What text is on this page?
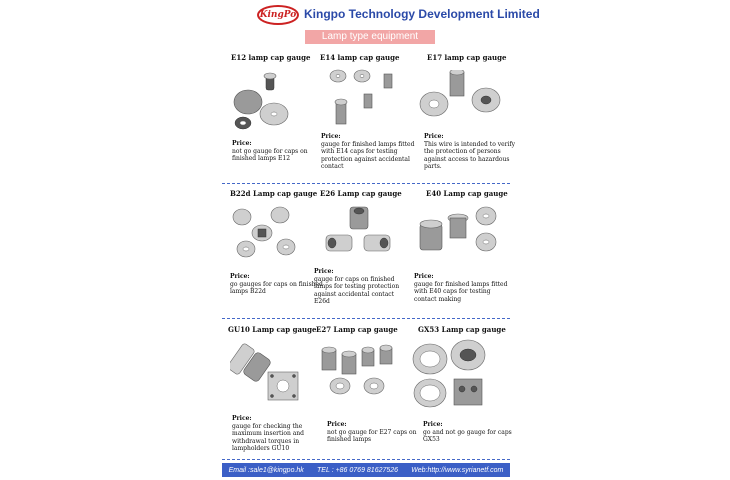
KingPo Kingpo Technology Development Limited
Lamp type equipment
E12 lamp cap gauge
Price:
not go gauge for caps on finished lamps E12
E14 lamp cap gauge
Price:
gauge for finished lamps fitted with E14 caps for testing protection against accidental contact
E17 lamp cap gauge
Price:
This wire is intended to verify the protection of persons against access to hazardous parts.
B22d Lamp cap gauge
Price:
go gauges for caps on finished lamps B22d
E26 Lamp cap gauge
Price:
gauge for caps on finished lamps for testing protection against accidental contact E26d
E40 Lamp cap gauge
Price:
gauge for finished lamps fitted with E40 caps for testing contact making
GU10 Lamp cap gauge
Price:
gauge for checking the maximum insertion and withdrawal torques in lampholders GU10
E27 Lamp cap gauge
Price:
not go gauge for E27 caps on finished lamps
GX53 Lamp cap gauge
Price:
go and not go gauge for caps GX53
Email :sale1@kingpo.hk TEL : +86 0769 81627526 Web:http://www.syrianetf.com
